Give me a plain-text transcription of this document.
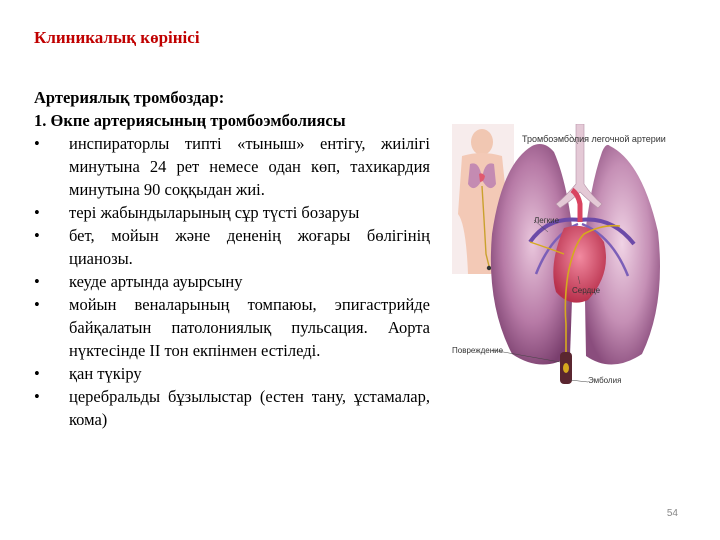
Клиникалық көрінісі
Артериялық тромбоздар:
1. Өкпе артериясының тромбоэмболиясы
• инспираторлы типті «тыныш» ентігу, жиілігі минутына 24 рет немесе одан көп, тахикардия минутына 90 соққыдан жиі.
• тері жабындыларының сұр түсті бозаруы
• бет, мойын және дененің жоғары бөлігінің цианозы.
• кеуде артында ауырсыну
• мойын веналарының томпаюы, эпигастрийде байқалатын патолониялық пульсация. Аорта нүктесінде II тон екпінмен естіледі.
• қан түкіру
• церебральды бұзылыстар (естен тану, ұстамалар, кома)
Тромбоэмболия легочной артерии
Легкие
Сердце
Повреждение
Эмболия
54
